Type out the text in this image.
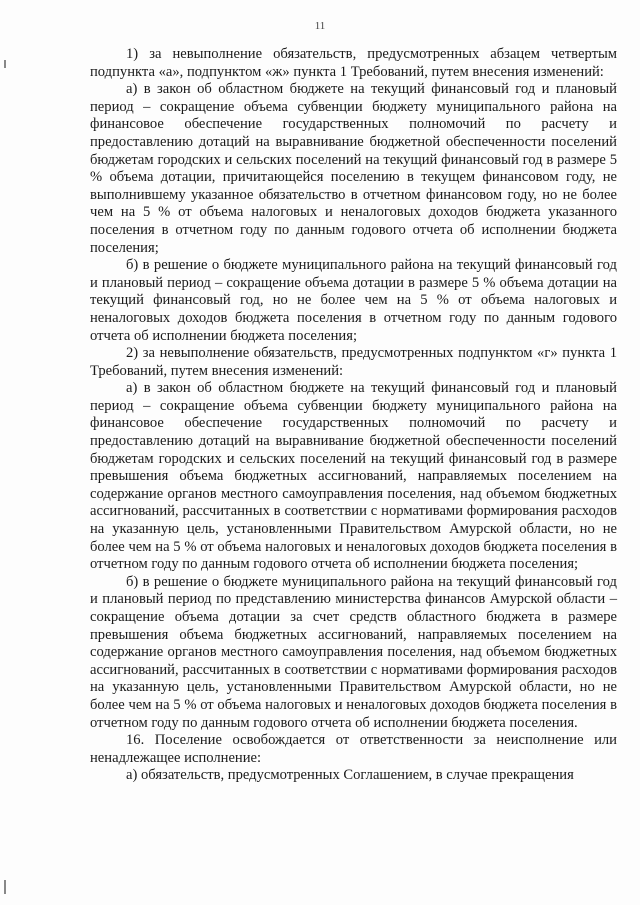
11

1) за невыполнение обязательств, предусмотренных абзацем четвертым подпункта «а», подпунктом «ж» пункта 1 Требований, путем внесения изменений:

а) в закон об областном бюджете на текущий финансовый год и плановый период – сокращение объема субвенции бюджету муниципального района на финансовое обеспечение государственных полномочий по расчету и предоставлению дотаций на выравнивание бюджетной обеспеченности поселений бюджетам городских и сельских поселений на текущий финансовый год в размере 5 % объема дотации, причитающейся поселению в текущем финансовом году, не выполнившему указанное обязательство в отчетном финансовом году, но не более чем на 5 % от объема налоговых и неналоговых доходов бюджета указанного поселения в отчетном году по данным годового отчета об исполнении бюджета поселения;

б) в решение о бюджете муниципального района на текущий финансовый год и плановый период – сокращение объема дотации в размере 5 % объема дотации на текущий финансовый год, но не более чем на 5 % от объема налоговых и неналоговых доходов бюджета поселения в отчетном году по данным годового отчета об исполнении бюджета поселения;

2) за невыполнение обязательств, предусмотренных подпунктом «г» пункта 1 Требований, путем внесения изменений:

а) в закон об областном бюджете на текущий финансовый год и плановый период – сокращение объема субвенции бюджету муниципального района на финансовое обеспечение государственных полномочий по расчету и предоставлению дотаций на выравнивание бюджетной обеспеченности поселений бюджетам городских и сельских поселений на текущий финансовый год в размере превышения объема бюджетных ассигнований, направляемых поселением на содержание органов местного самоуправления поселения, над объемом бюджетных ассигнований, рассчитанных в соответствии с нормативами формирования расходов на указанную цель, установленными Правительством Амурской области, но не более чем на 5 % от объема налоговых и неналоговых доходов бюджета поселения в отчетном году по данным годового отчета об исполнении бюджета поселения;

б) в решение о бюджете муниципального района на текущий финансовый год и плановый период по представлению министерства финансов Амурской области – сокращение объема дотации за счет средств областного бюджета в размере превышения объема бюджетных ассигнований, направляемых поселением на содержание органов местного самоуправления поселения, над объемом бюджетных ассигнований, рассчитанных в соответствии с нормативами формирования расходов на указанную цель, установленными Правительством Амурской области, но не более чем на 5 % от объема налоговых и неналоговых доходов бюджета поселения в отчетном году по данным годового отчета об исполнении бюджета поселения.

16. Поселение освобождается от ответственности за неисполнение или ненадлежащее исполнение:

а) обязательств, предусмотренных Соглашением, в случае прекращения
